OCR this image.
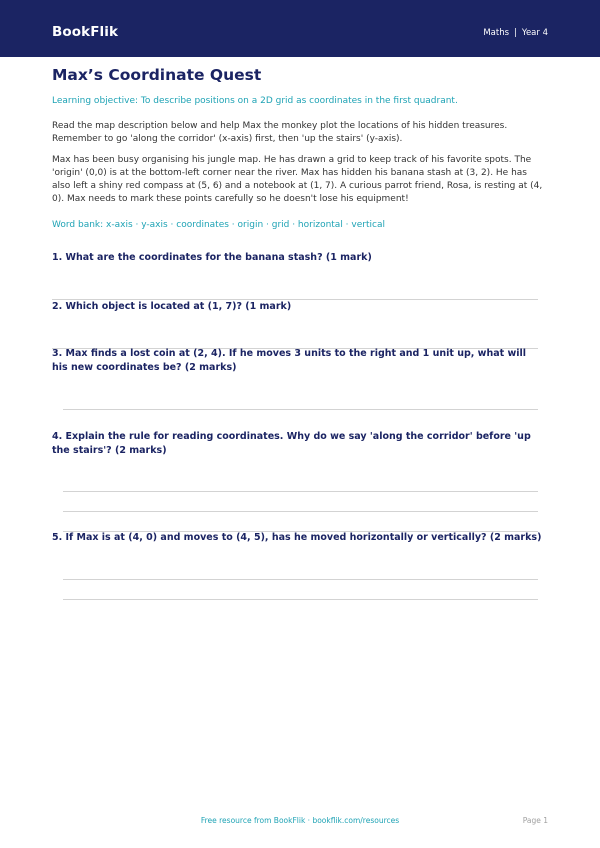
BookFlik	Maths | Year 4
Max’s Coordinate Quest
Learning objective: To describe positions on a 2D grid as coordinates in the first quadrant.

Read the map description below and help Max the monkey plot the locations of his hidden treasures. Remember to go 'along the corridor' (x-axis) first, then 'up the stairs' (y-axis).

Max has been busy organising his jungle map. He has drawn a grid to keep track of his favorite spots. The 'origin' (0,0) is at the bottom-left corner near the river. Max has hidden his banana stash at (3, 2). He has also left a shiny red compass at (5, 6) and a notebook at (1, 7). A curious parrot friend, Rosa, is resting at (4, 0). Max needs to mark these points carefully so he doesn't lose his equipment!

Word bank: x-axis · y-axis · coordinates · origin · grid · horizontal · vertical

1. What are the coordinates for the banana stash? (1 mark)

2. Which object is located at (1, 7)? (1 mark)

3. Max finds a lost coin at (2, 4). If he moves 3 units to the right and 1 unit up, what will his new coordinates be? (2 marks)

4. Explain the rule for reading coordinates. Why do we say 'along the corridor' before 'up the stairs'? (2 marks)

5. If Max is at (4, 0) and moves to (4, 5), has he moved horizontally or vertically? (2 marks)

Free resource from BookFlik · bookflik.com/resources	Page 1
